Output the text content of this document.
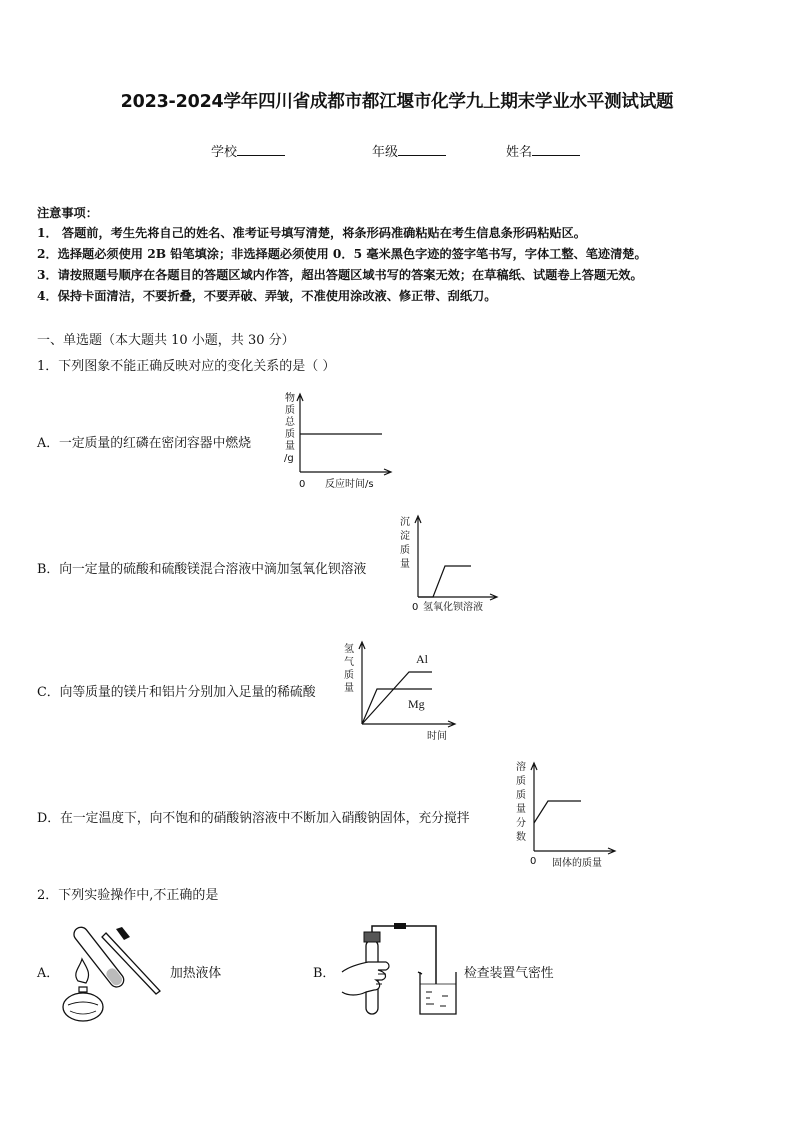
2023-2024学年四川省成都市都江堰市化学九上期末学业水平测试试题
学校	年级	姓名
注意事项：
1． 答题前，考生先将自己的姓名、准考证号填写清楚，将条形码准确粘贴在考生信息条形码粘贴区。
2．选择题必须使用 2B 铅笔填涂；非选择题必须使用 0．5 毫米黑色字迹的签字笔书写，字体工整、笔迹清楚。
3．请按照题号顺序在各题目的答题区域内作答，超出答题区域书写的答案无效；在草稿纸、试题卷上答题无效。
4．保持卡面清洁，不要折叠，不要弄破、弄皱，不准使用涂改液、修正带、刮纸刀。
一、单选题（本大题共 10 小题，共 30 分）
1．下列图象不能正确反映对应的变化关系的是（ ）
A．一定质量的红磷在密闭容器中燃烧
物
质
总
质
量
/g
0 反应时间/s
B．向一定量的硫酸和硫酸镁混合溶液中滴加氢氧化钡溶液
沉
淀
质
量
0 氢氧化钡溶液
C．向等质量的镁片和铝片分别加入足量的稀硫酸
氢
气
质
量
Al
Mg
时间
D．在一定温度下，向不饱和的硝酸钠溶液中不断加入硝酸钠固体，充分搅拌
溶
质
质
量
分
数
0 固体的质量
2．下列实验操作中,不正确的是
A．	加热液体	B．	检查装置气密性
